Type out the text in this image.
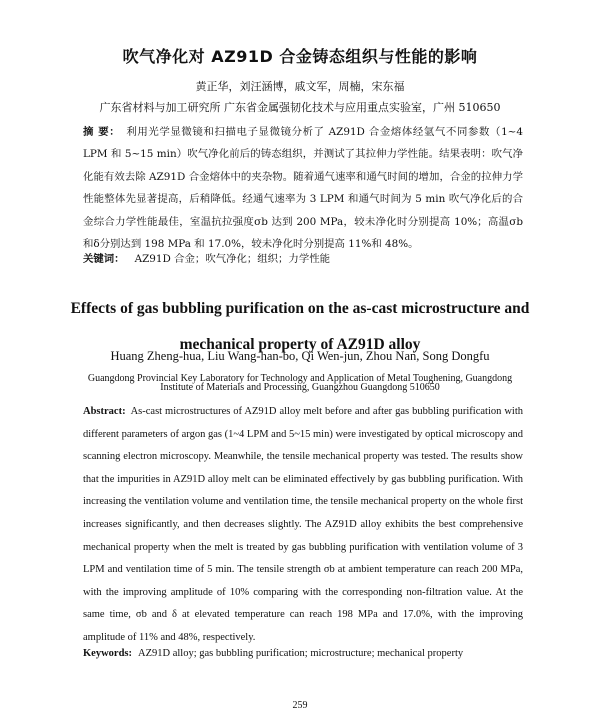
吹气净化对 AZ91D 合金铸态组织与性能的影响
黄正华，刘汪涵博，戚文军，周楠，宋东福
广东省材料与加工研究所 广东省金属强韧化技术与应用重点实验室，广州 510650
摘 要： 利用光学显微镜和扫描电子显微镜分析了 AZ91D 合金熔体经氩气不同参数（1~4 LPM 和 5~15 min）吹气净化前后的铸态组织，并测试了其拉伸力学性能。结果表明：吹气净化能有效去除 AZ91D 合金熔体中的夹杂物。随着通气速率和通气时间的增加，合金的拉伸力学性能整体先显著提高，后稍降低。经通气速率为 3 LPM 和通气时间为 5 min 吹气净化后的合金综合力学性能最佳，室温抗拉强度σb 达到 200 MPa，较未净化时分别提高 10%；高温σb 和δ分别达到 198 MPa 和 17.0%，较未净化时分别提高 11%和 48%。
关键词： AZ91D 合金；吹气净化；组织；力学性能
Effects of gas bubbling purification on the as-cast microstructure and mechanical property of AZ91D alloy
Huang Zheng-hua, Liu Wang-han-bo, Qi Wen-jun, Zhou Nan, Song Dongfu
Guangdong Provincial Key Laboratory for Technology and Application of Metal Toughening, Guangdong
Institute of Materials and Processing, Guangzhou Guangdong 510650
Abstract: As-cast microstructures of AZ91D alloy melt before and after gas bubbling purification with different parameters of argon gas (1~4 LPM and 5~15 min) were investigated by optical microscopy and scanning electron microscopy. Meanwhile, the tensile mechanical property was tested. The results show that the impurities in AZ91D alloy melt can be eliminated effectively by gas bubbling purification. With increasing the ventilation volume and ventilation time, the tensile mechanical property on the whole first increases significantly, and then decreases slightly. The AZ91D alloy exhibits the best comprehensive mechanical property when the melt is treated by gas bubbling purification with ventilation volume of 3 LPM and ventilation time of 5 min. The tensile strength σb at ambient temperature can reach 200 MPa, with the improving amplitude of 10% comparing with the corresponding non-filtration value. At the same time, σb and δ at elevated temperature can reach 198 MPa and 17.0%, with the improving amplitude of 11% and 48%, respectively.
Keywords: AZ91D alloy; gas bubbling purification; microstructure; mechanical property
259
